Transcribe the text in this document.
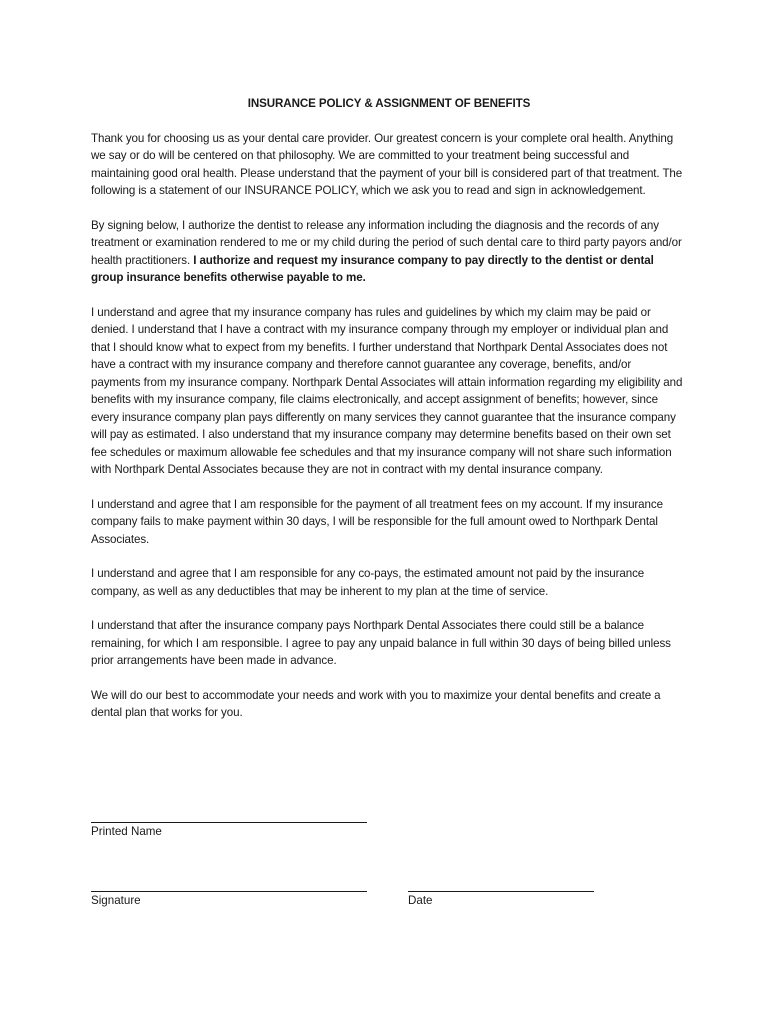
INSURANCE POLICY & ASSIGNMENT OF BENEFITS

Thank you for choosing us as your dental care provider. Our greatest concern is your complete oral health. Anything we say or do will be centered on that philosophy. We are committed to your treatment being successful and maintaining good oral health. Please understand that the payment of your bill is considered part of that treatment. The following is a statement of our INSURANCE POLICY, which we ask you to read and sign in acknowledgement.

By signing below, I authorize the dentist to release any information including the diagnosis and the records of any treatment or examination rendered to me or my child during the period of such dental care to third party payors and/or health practitioners. I authorize and request my insurance company to pay directly to the dentist or dental group insurance benefits otherwise payable to me.

I understand and agree that my insurance company has rules and guidelines by which my claim may be paid or denied. I understand that I have a contract with my insurance company through my employer or individual plan and that I should know what to expect from my benefits. I further understand that Northpark Dental Associates does not have a contract with my insurance company and therefore cannot guarantee any coverage, benefits, and/or payments from my insurance company. Northpark Dental Associates will attain information regarding my eligibility and benefits with my insurance company, file claims electronically, and accept assignment of benefits; however, since every insurance company plan pays differently on many services they cannot guarantee that the insurance company will pay as estimated. I also understand that my insurance company may determine benefits based on their own set fee schedules or maximum allowable fee schedules and that my insurance company will not share such information with Northpark Dental Associates because they are not in contract with my dental insurance company.

I understand and agree that I am responsible for the payment of all treatment fees on my account. If my insurance company fails to make payment within 30 days, I will be responsible for the full amount owed to Northpark Dental Associates.

I understand and agree that I am responsible for any co-pays, the estimated amount not paid by the insurance company, as well as any deductibles that may be inherent to my plan at the time of service.

I understand that after the insurance company pays Northpark Dental Associates there could still be a balance remaining, for which I am responsible. I agree to pay any unpaid balance in full within 30 days of being billed unless prior arrangements have been made in advance.

We will do our best to accommodate your needs and work with you to maximize your dental benefits and create a dental plan that works for you.

Printed Name
Signature	Date
